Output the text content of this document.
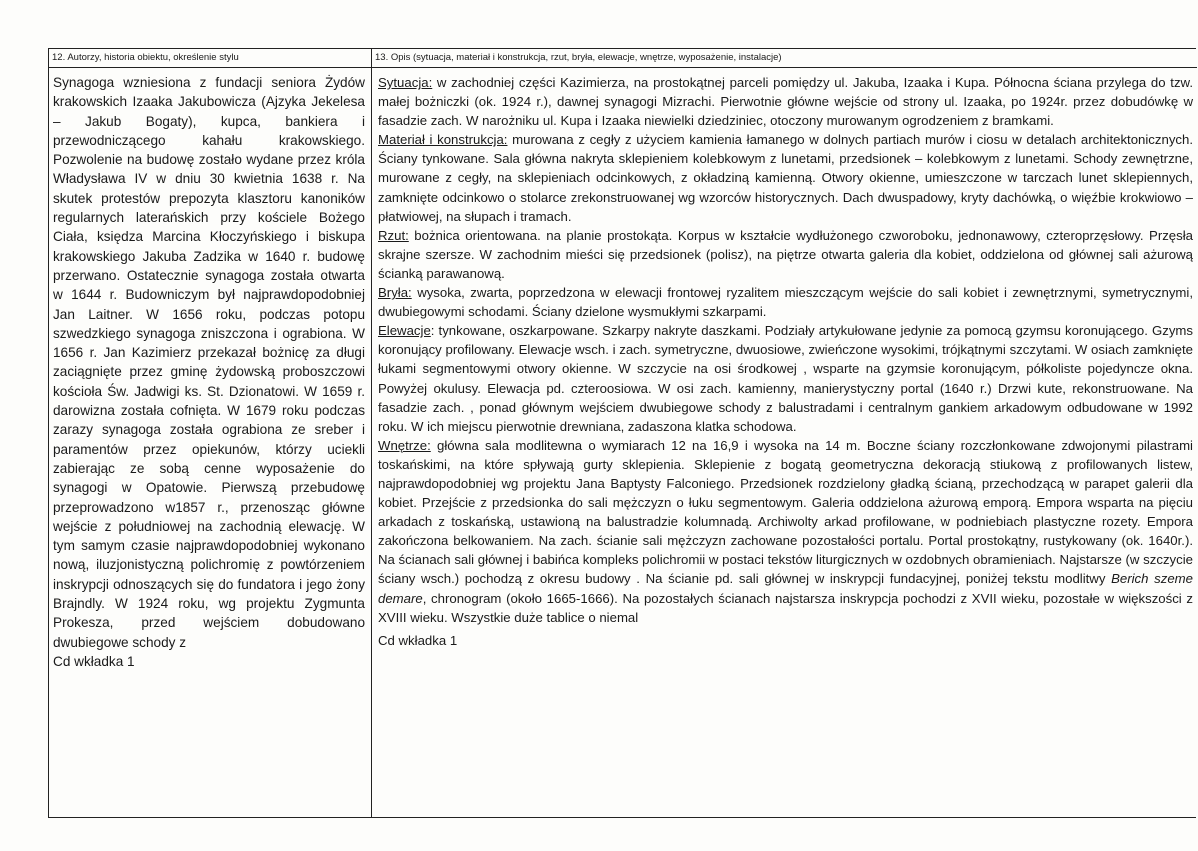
12. Autorzy, historia obiektu, określenie stylu	13. Opis (sytuacja, materiał i konstrukcja, rzut, bryła, elewacje, wnętrze, wyposażenie, instalacje)

Synagoga wzniesiona z fundacji seniora Żydów krakowskich Izaaka Jakubowicza (Ajzyka Jekelesa – Jakub Bogaty), kupca, bankiera i przewodniczącego kahału krakowskiego. Pozwolenie na budowę zostało wydane przez króla Władysława IV w dniu 30 kwietnia 1638 r. Na skutek protestów prepozyta klasztoru kanoników regularnych laterańskich przy kościele Bożego Ciała, księdza Marcina Kłoczyńskiego i biskupa krakowskiego Jakuba Zadzika w 1640 r. budowę przerwano. Ostatecznie synagoga została otwarta w 1644 r. Budowniczym był najprawdopodobniej Jan Laitner. W 1656 roku, podczas potopu szwedzkiego synagoga zniszczona i ograbiona. W 1656 r. Jan Kazimierz przekazał bożnicę za długi zaciągnięte przez gminę żydowską proboszczowi kościoła Św. Jadwigi ks. St. Dzionatowi. W 1659 r. darowizna została cofnięta. W 1679 roku podczas zarazy synagoga została ograbiona ze sreber i paramentów przez opiekunów, którzy uciekli zabierając ze sobą cenne wyposażenie do synagogi w Opatowie. Pierwszą przebudowę przeprowadzono w1857 r., przenosząc główne wejście z południowej na zachodnią elewację. W tym samym czasie najprawdopodobniej wykonano nową, iluzjonistyczną polichromię z powtórzeniem inskrypcji odnoszących się do fundatora i jego żony Brajndly. W 1924 roku, wg projektu Zygmunta Prokesza, przed wejściem dobudowano dwubiegowe schody z

Cd wkładka 1

Sytuacja: w zachodniej części Kazimierza, na prostokątnej parceli pomiędzy ul. Jakuba, Izaaka i Kupa. Północna ściana przylega do tzw. małej bożniczki (ok. 1924 r.), dawnej synagogi Mizrachi. Pierwotnie główne wejście od strony ul. Izaaka, po 1924r. przez dobudówkę w fasadzie zach. W narożniku ul. Kupa i Izaaka niewielki dziedziniec, otoczony murowanym ogrodzeniem z bramkami.

Materiał i konstrukcja: murowana z cegły z użyciem kamienia łamanego w dolnych partiach murów i ciosu w detalach architektonicznych. Ściany tynkowane. Sala główna nakryta sklepieniem kolebkowym z lunetami, przedsionek – kolebkowym z lunetami. Schody zewnętrzne, murowane z cegły, na sklepieniach odcinkowych, z okładziną kamienną. Otwory okienne, umieszczone w tarczach lunet sklepiennych, zamknięte odcinkowo o stolarce zrekonstruowanej wg wzorców historycznych. Dach dwuspadowy, kryty dachówką, o więźbie krokwiowo – płatwiowej, na słupach i tramach.

Rzut: bożnica orientowana. na planie prostokąta. Korpus w kształcie wydłużonego czworoboku, jednonawowy, czteroprzęsłowy. Przęsła skrajne szersze. W zachodnim mieści się przedsionek (polisz), na piętrze otwarta galeria dla kobiet, oddzielona od głównej sali ażurową ścianką parawanową.

Bryła: wysoka, zwarta, poprzedzona w elewacji frontowej ryzalitem mieszczącym wejście do sali kobiet i zewnętrznymi, symetrycznymi, dwubiegowymi schodami. Ściany dzielone wysmukłymi szkarpami.

Elewacje: tynkowane, oszkarpowane. Szkarpy nakryte daszkami. Podziały artykułowane jedynie za pomocą gzymsu koronującego. Gzyms koronujący profilowany. Elewacje wsch. i zach. symetryczne, dwuosiowe, zwieńczone wysokimi, trójkątnymi szczytami. W osiach zamknięte łukami segmentowymi otwory okienne. W szczycie na osi środkowej , wsparte na gzymsie koronującym, półkoliste pojedyncze okna. Powyżej okulusy. Elewacja pd. czteroosiowa. W osi zach. kamienny, manierystyczny portal (1640 r.) Drzwi kute, rekonstruowane. Na fasadzie zach. , ponad głównym wejściem dwubiegowe schody z balustradami i centralnym gankiem arkadowym odbudowane w 1992 roku. W ich miejscu pierwotnie drewniana, zadaszona klatka schodowa.

Wnętrze: główna sala modlitewna o wymiarach 12 na 16,9 i wysoka na 14 m. Boczne ściany rozczłonkowane zdwojonymi pilastrami toskańskimi, na które spływają gurty sklepienia. Sklepienie z bogatą geometryczna dekoracją stiukową z profilowanych listew, najprawdopodobniej wg projektu Jana Baptysty Falconiego. Przedsionek rozdzielony gładką ścianą, przechodzącą w parapet galerii dla kobiet. Przejście z przedsionka do sali mężczyzn o łuku segmentowym. Galeria oddzielona ażurową emporą. Empora wsparta na pięciu arkadach z toskańską, ustawioną na balustradzie kolumnadą. Archiwolty arkad profilowane, w podniebiach plastyczne rozety. Empora zakończona belkowaniem. Na zach. ścianie sali mężczyzn zachowane pozostałości portalu. Portal prostokątny, rustykowany (ok. 1640r.). Na ścianach sali głównej i babińca kompleks polichromii w postaci tekstów liturgicznych w ozdobnych obramieniach. Najstarsze (w szczycie ściany wsch.) pochodzą z okresu budowy . Na ścianie pd. sali głównej w inskrypcji fundacyjnej, poniżej tekstu modlitwy Berich szeme demare, chronogram (około 1665-1666). Na pozostałych ścianach najstarsza inskrypcja pochodzi z XVII wieku, pozostałe w większości z XVIII wieku. Wszystkie duże tablice o niemal

Cd wkładka 1
